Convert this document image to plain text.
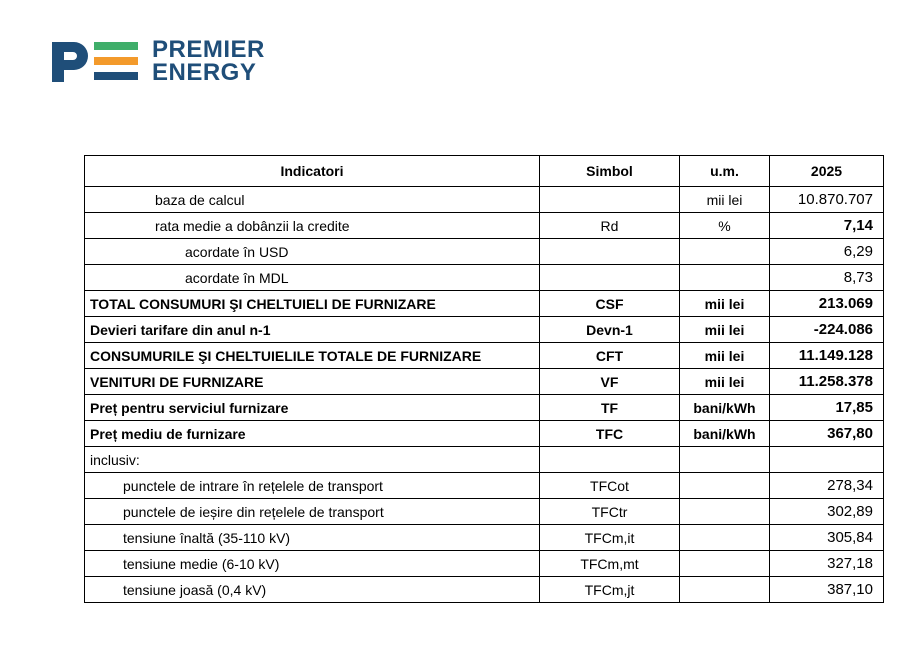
PREMIER
ENERGY
Indicatori	Simbol	u.m.	2025
baza de calcul		mii lei	10.870.707
rata medie a dobânzii la credite	Rd	%	7,14
acordate în USD			6,29
acordate în MDL			8,73
TOTAL CONSUMURI ŞI CHELTUIELI DE FURNIZARE	CSF	mii lei	213.069
Devieri tarifare din anul n-1	Devn-1	mii lei	-224.086
CONSUMURILE ŞI CHELTUIELILE TOTALE DE FURNIZARE	CFT	mii lei	11.149.128
VENITURI DE FURNIZARE	VF	mii lei	11.258.378
Preț pentru serviciul furnizare	TF	bani/kWh	17,85
Preț mediu de furnizare	TFC	bani/kWh	367,80
inclusiv:			
punctele de intrare în rețelele de transport	TFCot		278,34
punctele de ieșire din rețelele de transport	TFCtr		302,89
tensiune înaltă (35-110 kV)	TFCm,it		305,84
tensiune medie (6-10 kV)	TFCm,mt		327,18
tensiune joasă (0,4 kV)	TFCm,jt		387,10
